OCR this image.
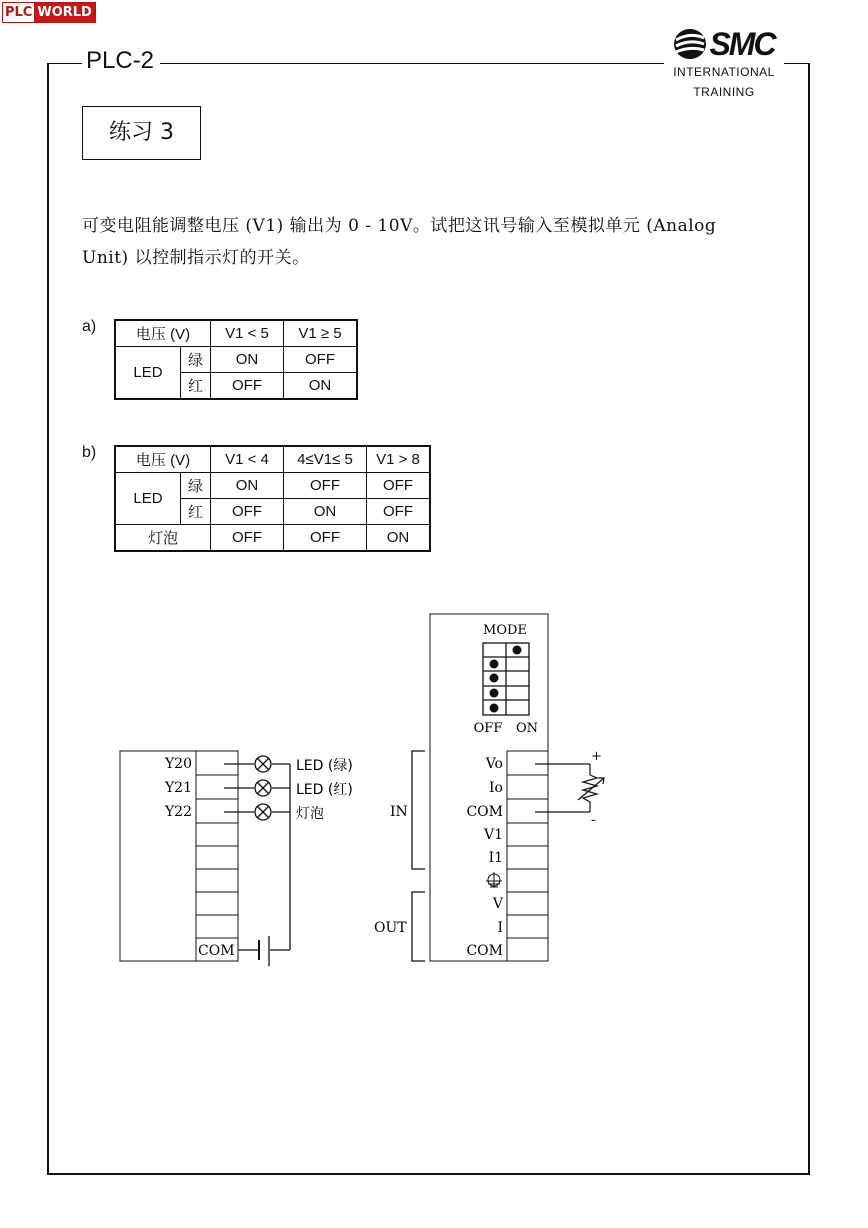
PLC WORLD
PLC-2	SMC
INTERNATIONAL
TRAINING
练习 3
可变电阻能调整电压 (V1) 输出为 0 - 10V。试把这讯号输入至模拟单元 (Analog
Unit) 以控制指示灯的开关。
a)	电压 (V)		V1 < 5	V1 ≥ 5
LED	绿	ON	OFF
	红	OFF	ON
b)	电压 (V)		V1 < 4	4≤V1≤ 5	V1 > 8
LED	绿	ON	OFF	OFF
	红	OFF	ON	OFF
灯泡		OFF	OFF	ON
Y20
Y21
Y22
COM
LED (绿)
LED (红)
灯泡
MODE
OFF ON
Vo
Io
COM
V1
I1
V
I
COM
IN
OUT
+
-
